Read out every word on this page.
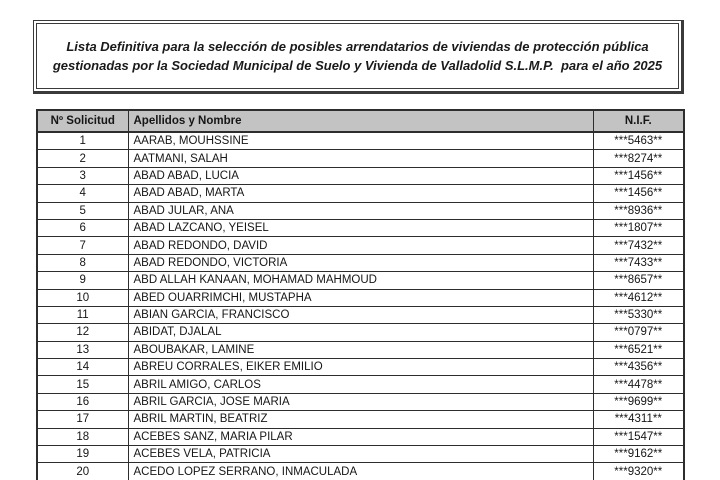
Lista Definitiva para la selección de posibles arrendatarios de viviendas de protección pública
gestionadas por la Sociedad Municipal de Suelo y Vivienda de Valladolid S.L.M.P.  para el año 2025
Nº Solicitud	Apellidos y Nombre	N.I.F.
1	AARAB, MOUHSSINE	***5463**
2	AATMANI, SALAH	***8274**
3	ABAD ABAD, LUCIA	***1456**
4	ABAD ABAD, MARTA	***1456**
5	ABAD JULAR, ANA	***8936**
6	ABAD LAZCANO, YEISEL	***1807**
7	ABAD REDONDO, DAVID	***7432**
8	ABAD REDONDO, VICTORIA	***7433**
9	ABD ALLAH KANAAN, MOHAMAD MAHMOUD	***8657**
10	ABED OUARRIMCHI, MUSTAPHA	***4612**
11	ABIAN GARCIA, FRANCISCO	***5330**
12	ABIDAT, DJALAL	***0797**
13	ABOUBAKAR, LAMINE	***6521**
14	ABREU CORRALES, EIKER EMILIO	***4356**
15	ABRIL AMIGO, CARLOS	***4478**
16	ABRIL GARCIA, JOSE MARIA	***9699**
17	ABRIL MARTIN, BEATRIZ	***4311**
18	ACEBES SANZ, MARIA PILAR	***1547**
19	ACEBES VELA, PATRICIA	***9162**
20	ACEDO LOPEZ SERRANO, INMACULADA	***9320**
